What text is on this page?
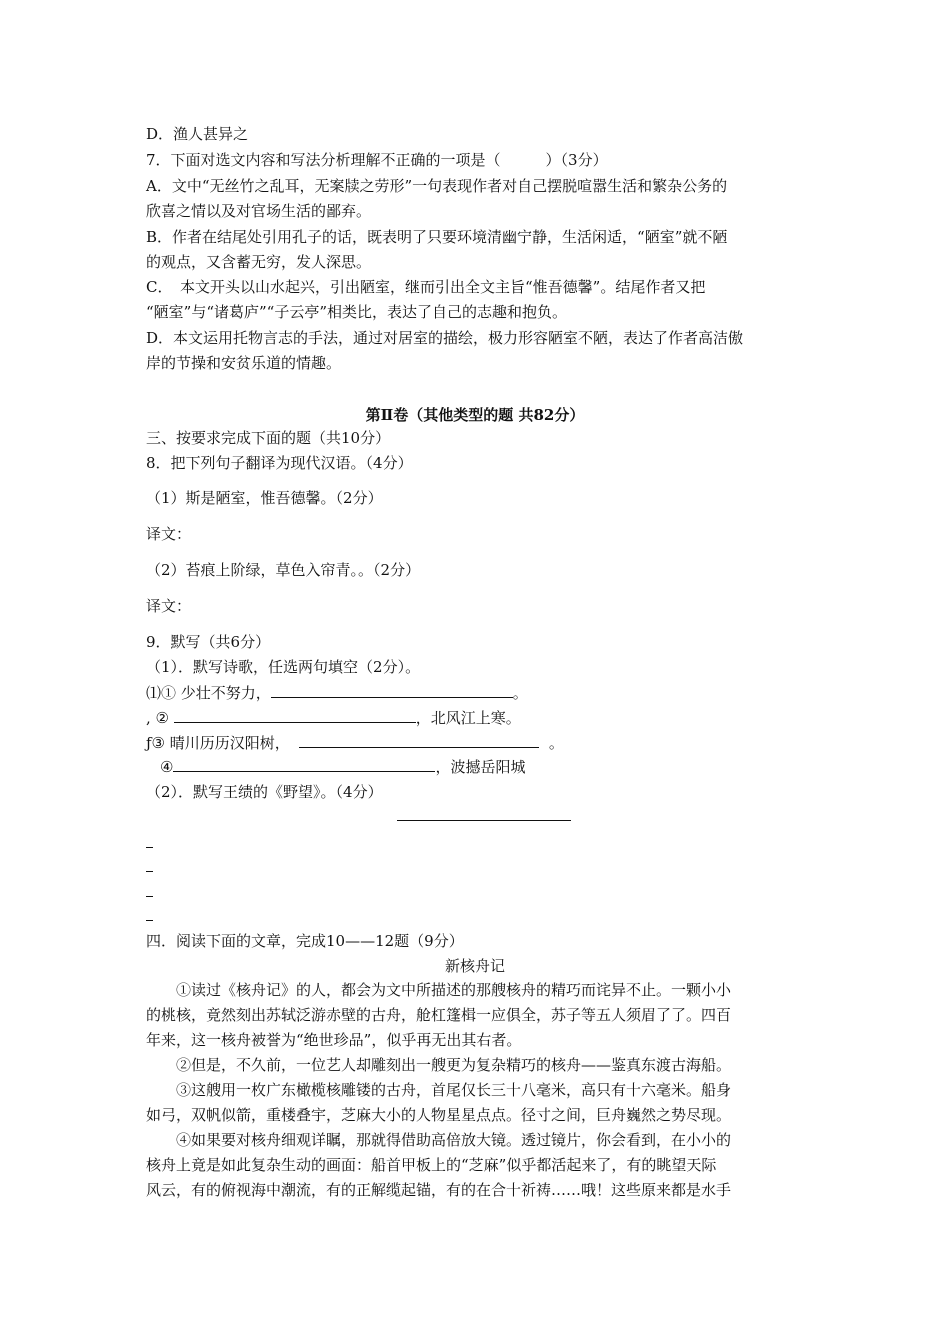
D．渔人甚异之
7．下面对选文内容和写法分析理解不正确的一项是（　　　）（3分）
A．文中“无丝竹之乱耳，无案牍之劳形”一句表现作者对自己摆脱喧嚣生活和繁杂公务的
欣喜之情以及对官场生活的鄙弃。
B．作者在结尾处引用孔子的话，既表明了只要环境清幽宁静，生活闲适，“陋室”就不陋
的观点，又含蓄无穷，发人深思。
C．　本文开头以山水起兴，引出陋室，继而引出全文主旨“惟吾德馨”。结尾作者又把
“陋室”与“诸葛庐”“子云亭”相类比，表达了自己的志趣和抱负。
D．本文运用托物言志的手法，通过对居室的描绘，极力形容陋室不陋，表达了作者高洁傲
岸的节操和安贫乐道的情趣。
第Ⅱ卷（其他类型的题 共82分）
三、按要求完成下面的题（共10分）
8．把下列句子翻译为现代汉语。（4分）
（1）斯是陋室，惟吾德馨。（2分）
译文：
（2）苔痕上阶绿，草色入帘青。。（2分）
译文：
9．默写（共6分）
（1）．默写诗歌，任选两句填空（2分）。
⑴① 少壮不努力，	。
, ②	，北风江上寒。
ƒ③ 晴川历历汉阳树，	。
④	，波撼岳阳城
（2）．默写王绩的《野望》。（4分）
四．阅读下面的文章，完成10——12题（9分）
新核舟记
①读过《核舟记》的人，都会为文中所描述的那艘核舟的精巧而诧异不止。一颗小小
的桃核，竟然刻出苏轼泛游赤壁的古舟，舱杠篷楫一应俱全，苏子等五人须眉了了。四百
年来，这一核舟被誉为“绝世珍品”，似乎再无出其右者。
②但是，不久前，一位艺人却雕刻出一艘更为复杂精巧的核舟——鉴真东渡古海船。
③这艘用一枚广东橄榄核雕镂的古舟，首尾仅长三十八毫米，高只有十六毫米。船身
如弓，双帆似箭，重楼叠宇，芝麻大小的人物星星点点。径寸之间，巨舟巍然之势尽现。
④如果要对核舟细观详瞩，那就得借助高倍放大镜。透过镜片，你会看到，在小小的
核舟上竟是如此复杂生动的画面：船首甲板上的“芝麻”似乎都活起来了，有的眺望天际
风云，有的俯视海中潮流，有的正解缆起锚，有的在合十祈祷……哦！这些原来都是水手
